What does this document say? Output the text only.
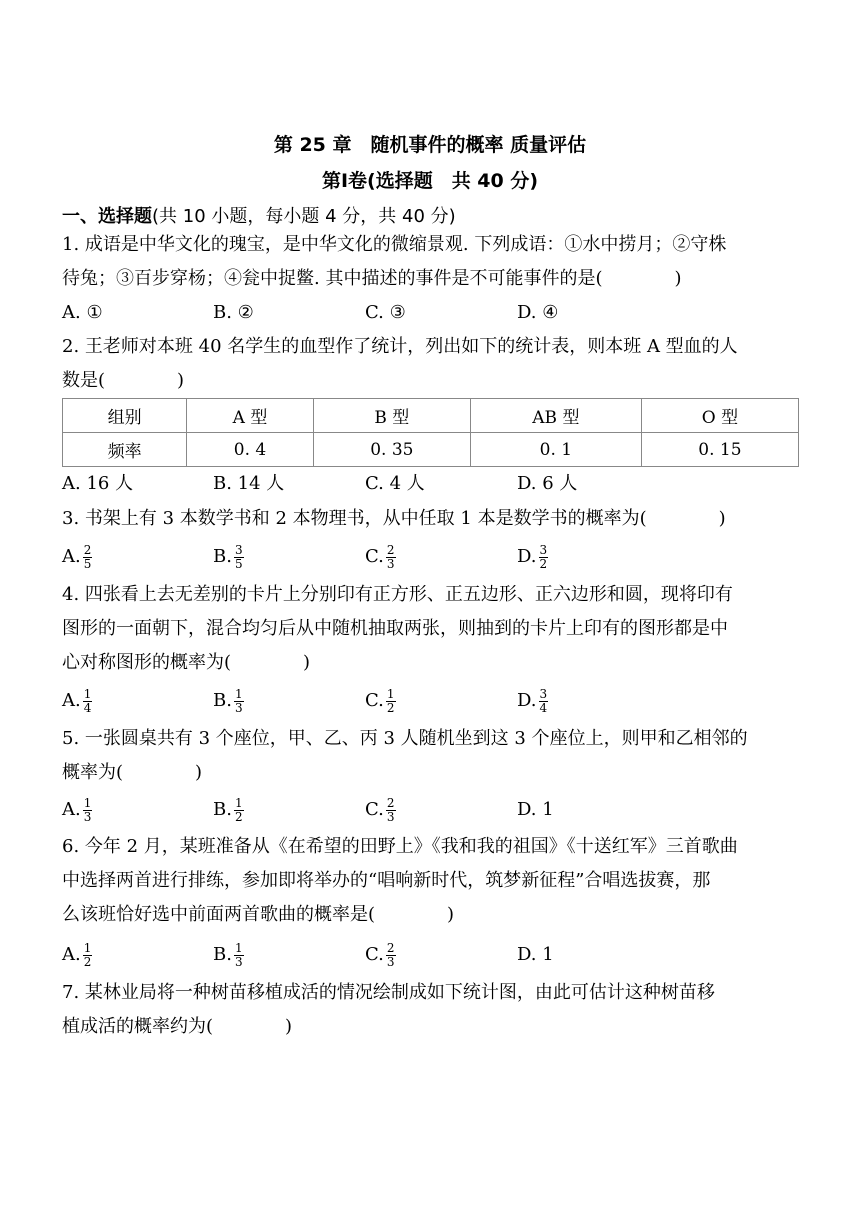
第 25 章　随机事件的概率 质量评估
第Ⅰ卷(选择题　共 40 分)
一、选择题(共 10 小题，每小题 4 分，共 40 分)
1. 成语是中华文化的瑰宝，是中华文化的微缩景观. 下列成语：①水中捞月；②守株
待兔；③百步穿杨；④瓮中捉鳖. 其中描述的事件是不可能事件的是(　　　　)
A. ①	B. ②	C. ③	D. ④
2. 王老师对本班 40 名学生的血型作了统计，列出如下的统计表，则本班 A 型血的人
数是(　　　　)
组别	A 型	B 型	AB 型	O 型
频率	0. 4	0. 35	0. 1	0. 15
A. 16 人	B. 14 人	C. 4 人	D. 6 人
3. 书架上有 3 本数学书和 2 本物理书，从中任取 1 本是数学书的概率为(　　　　)
A. $\frac{2}{5}$	B. $\frac{3}{5}$	C. $\frac{2}{3}$	D. $\frac{3}{2}$
4. 四张看上去无差别的卡片上分别印有正方形、正五边形、正六边形和圆，现将印有
图形的一面朝下，混合均匀后从中随机抽取两张，则抽到的卡片上印有的图形都是中
心对称图形的概率为(　　　　)
A. $\frac{1}{4}$	B. $\frac{1}{3}$	C. $\frac{1}{2}$	D. $\frac{3}{4}$
5. 一张圆桌共有 3 个座位，甲、乙、丙 3 人随机坐到这 3 个座位上，则甲和乙相邻的
概率为(　　　　)
A. $\frac{1}{3}$	B. $\frac{1}{2}$	C. $\frac{2}{3}$	D. 1
6. 今年 2 月，某班准备从《在希望的田野上》《我和我的祖国》《十送红军》三首歌曲
中选择两首进行排练，参加即将举办的“唱响新时代，筑梦新征程”合唱选拔赛，那
么该班恰好选中前面两首歌曲的概率是(　　　　)
A. $\frac{1}{2}$	B. $\frac{1}{3}$	C. $\frac{2}{3}$	D. 1
7. 某林业局将一种树苗移植成活的情况绘制成如下统计图，由此可估计这种树苗移
植成活的概率约为(　　　　)
